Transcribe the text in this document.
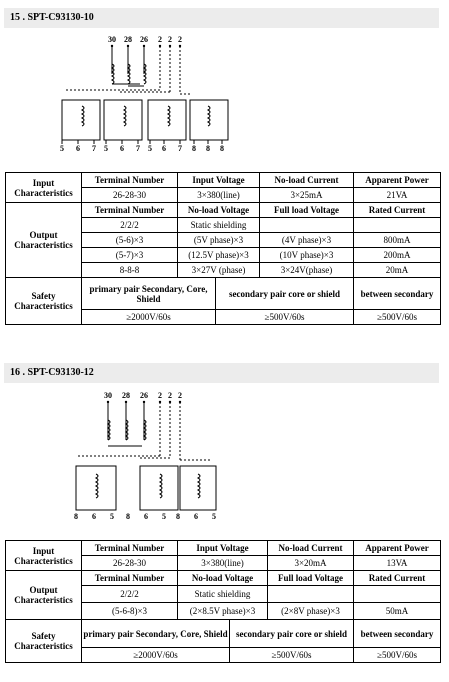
15 . SPT-C93130-10
30 28 26 2 2 2
5 6 7 5 6 7 5 6 7 8 8 8
Input Characteristics	Terminal Number	Input Voltage		No-load Current	Apparent Power
	26-28-30	3×380(line)		3×25mA	21VA
Output Characteristics	Terminal Number	No-load Voltage		Full load Voltage	Rated Current
	2/2/2	Static shielding			
	(5-6)×3	(5V phase)×3		(4V phase)×3	800mA
	(5-7)×3	(12.5V phase)×3		(10V phase)×3	200mA
	8-8-8	3×27V (phase)		3×24V(phase)	20mA
Safety Characteristics	primary pair Secondary, Core, Shield		secondary pair core or shield		between secondary
	≥2000V/60s		≥500V/60s		≥500V/60s
16 . SPT-C93130-12
30 28 26 2 2 2
8 6 5 8 6 5 8 6 5
Input Characteristics	Terminal Number	Input Voltage		No-load Current	Apparent Power
	26-28-30	3×380(line)		3×20mA	13VA
Output Characteristics	Terminal Number	No-load Voltage		Full load Voltage	Rated Current
	2/2/2	Static shielding			
	(5-6-8)×3	(2×8.5V phase)×3		(2×8V phase)×3	50mA
Safety Characteristics	primary pair Secondary, Core, Shield		secondary pair core or shield		between secondary
	≥2000V/60s		≥500V/60s		≥500V/60s
